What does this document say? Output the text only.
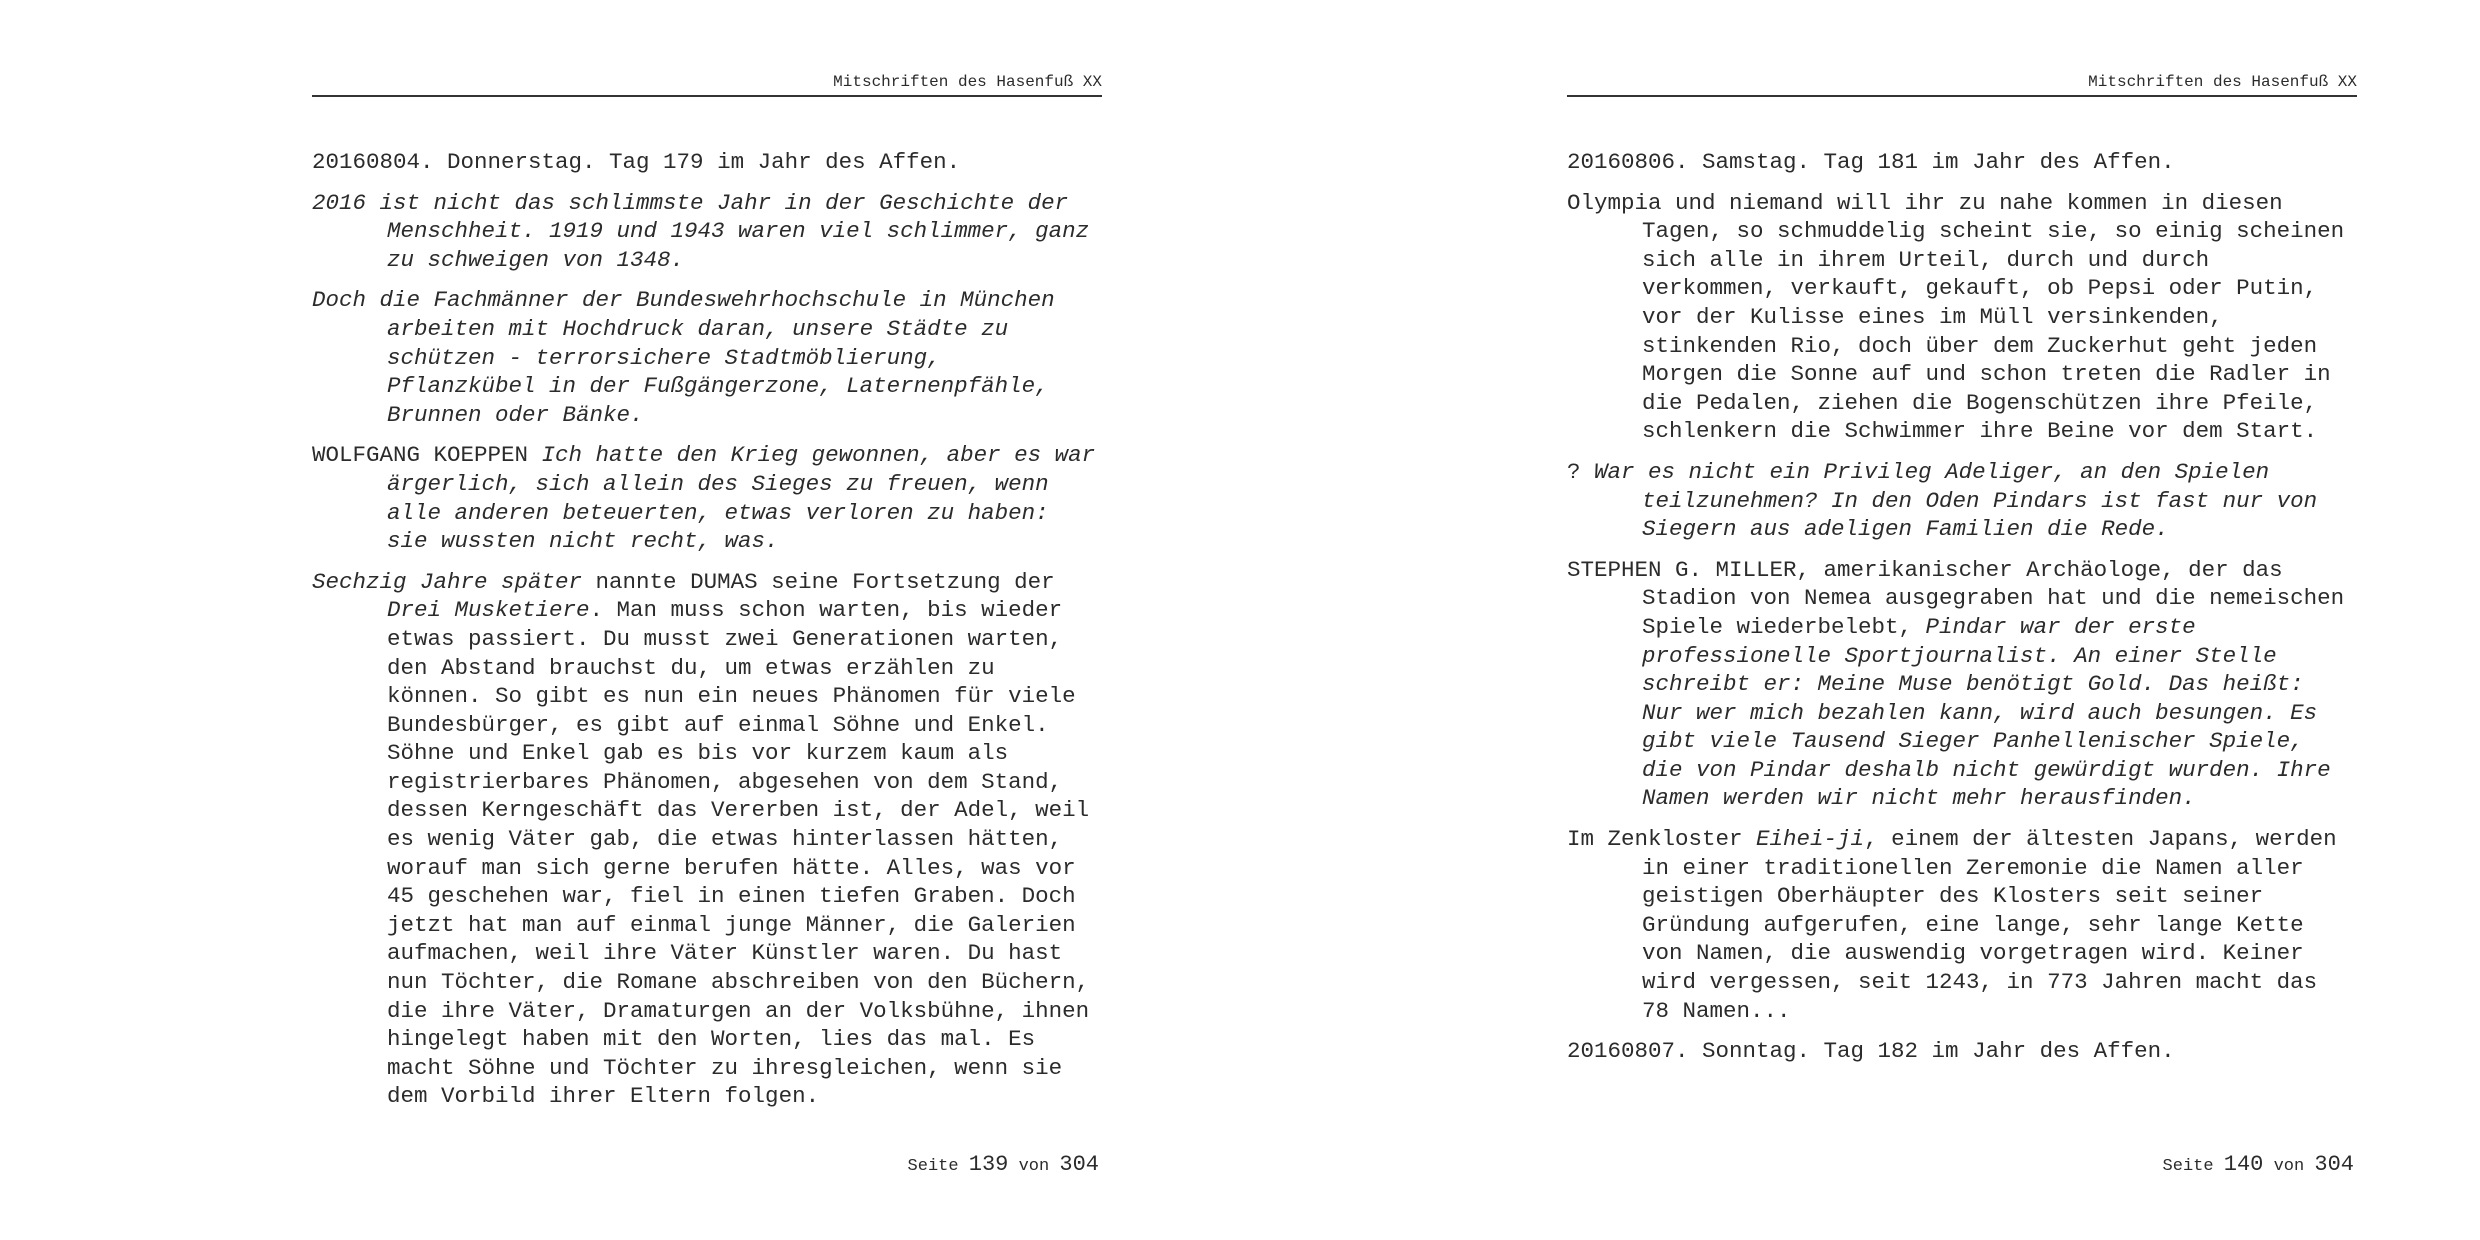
Mitschriften des Hasenfuß XX

20160804. Donnerstag. Tag 179 im Jahr des Affen.

2016 ist nicht das schlimmste Jahr in der Geschichte der Menschheit. 1919 und 1943 waren viel schlimmer, ganz zu schweigen von 1348.

Doch die Fachmänner der Bundeswehrhochschule in München arbeiten mit Hochdruck daran, unsere Städte zu schützen - terrorsichere Stadtmöblierung, Pflanzkübel in der Fußgängerzone, Laternenpfähle, Brunnen oder Bänke.

WOLFGANG KOEPPEN Ich hatte den Krieg gewonnen, aber es war ärgerlich, sich allein des Sieges zu freuen, wenn alle anderen beteuerten, etwas verloren zu haben: sie wussten nicht recht, was.

Sechzig Jahre später nannte DUMAS seine Fortsetzung der Drei Musketiere. Man muss schon warten, bis wieder etwas passiert. Du musst zwei Generationen warten, den Abstand brauchst du, um etwas erzählen zu können. So gibt es nun ein neues Phänomen für viele Bundesbürger, es gibt auf einmal Söhne und Enkel. Söhne und Enkel gab es bis vor kurzem kaum als registrierbares Phänomen, abgesehen von dem Stand, dessen Kerngeschäft das Vererben ist, der Adel, weil es wenig Väter gab, die etwas hinterlassen hätten, worauf man sich gerne berufen hätte. Alles, was vor 45 geschehen war, fiel in einen tiefen Graben. Doch jetzt hat man auf einmal junge Männer, die Galerien aufmachen, weil ihre Väter Künstler waren. Du hast nun Töchter, die Romane abschreiben von den Büchern, die ihre Väter, Dramaturgen an der Volksbühne, ihnen hingelegt haben mit den Worten, lies das mal. Es macht Söhne und Töchter zu ihresgleichen, wenn sie dem Vorbild ihrer Eltern folgen.

Seite 139 von 304
Mitschriften des Hasenfuß XX

20160806. Samstag. Tag 181 im Jahr des Affen.

Olympia und niemand will ihr zu nahe kommen in diesen Tagen, so schmuddelig scheint sie, so einig scheinen sich alle in ihrem Urteil, durch und durch verkommen, verkauft, gekauft, ob Pepsi oder Putin, vor der Kulisse eines im Müll versinkenden, stinkenden Rio, doch über dem Zuckerhut geht jeden Morgen die Sonne auf und schon treten die Radler in die Pedalen, ziehen die Bogenschützen ihre Pfeile, schlenkern die Schwimmer ihre Beine vor dem Start.

? War es nicht ein Privileg Adeliger, an den Spielen teilzunehmen? In den Oden Pindars ist fast nur von Siegern aus adeligen Familien die Rede.

STEPHEN G. MILLER, amerikanischer Archäologe, der das Stadion von Nemea ausgegraben hat und die nemeischen Spiele wiederbelebt, Pindar war der erste professionelle Sportjournalist. An einer Stelle schreibt er: Meine Muse benötigt Gold. Das heißt: Nur wer mich bezahlen kann, wird auch besungen. Es gibt viele Tausend Sieger Panhellenischer Spiele, die von Pindar deshalb nicht gewürdigt wurden. Ihre Namen werden wir nicht mehr herausfinden.

Im Zenkloster Eihei-ji, einem der ältesten Japans, werden in einer traditionellen Zeremonie die Namen aller geistigen Oberhäupter des Klosters seit seiner Gründung aufgerufen, eine lange, sehr lange Kette von Namen, die auswendig vorgetragen wird. Keiner wird vergessen, seit 1243, in 773 Jahren macht das 78 Namen...

20160807. Sonntag. Tag 182 im Jahr des Affen.

Seite 140 von 304
